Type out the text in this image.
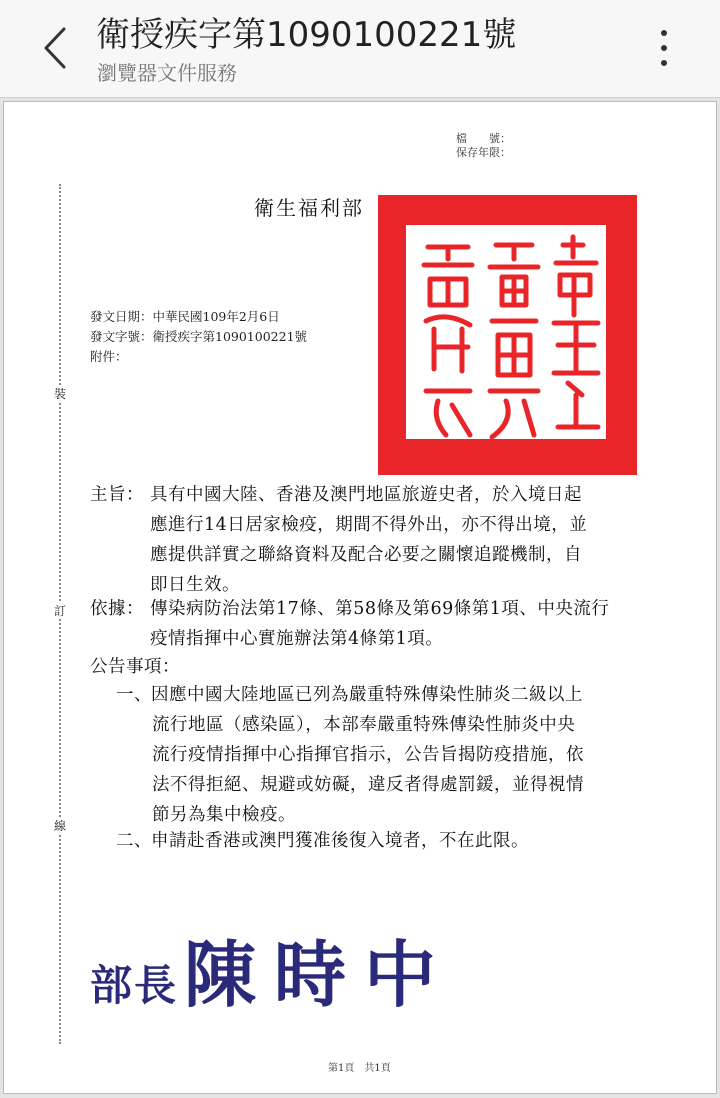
衛授疾字第1090100221號
瀏覽器文件服務
裝
訂
線
檔　　號：
保存年限：
衛生福利部
發文日期：中華民國109年2月6日
發文字號：衛授疾字第1090100221號
附件：
主旨： 具有中國大陸、香港及澳門地區旅遊史者，於入境日起
應進行14日居家檢疫，期間不得外出，亦不得出境，並
應提供詳實之聯絡資料及配合必要之關懷追蹤機制，自
即日生效。
依據： 傳染病防治法第17條、第58條及第69條第1項、中央流行
疫情指揮中心實施辦法第4條第1項。
公告事項：
一、因應中國大陸地區已列為嚴重特殊傳染性肺炎二級以上
流行地區（感染區），本部奉嚴重特殊傳染性肺炎中央
流行疫情指揮中心指揮官指示，公告旨揭防疫措施，依
法不得拒絕、規避或妨礙，違反者得處罰鍰，並得視情
節另為集中檢疫。
二、申請赴香港或澳門獲准後復入境者，不在此限。
部長陳時中
第1頁　共1頁
